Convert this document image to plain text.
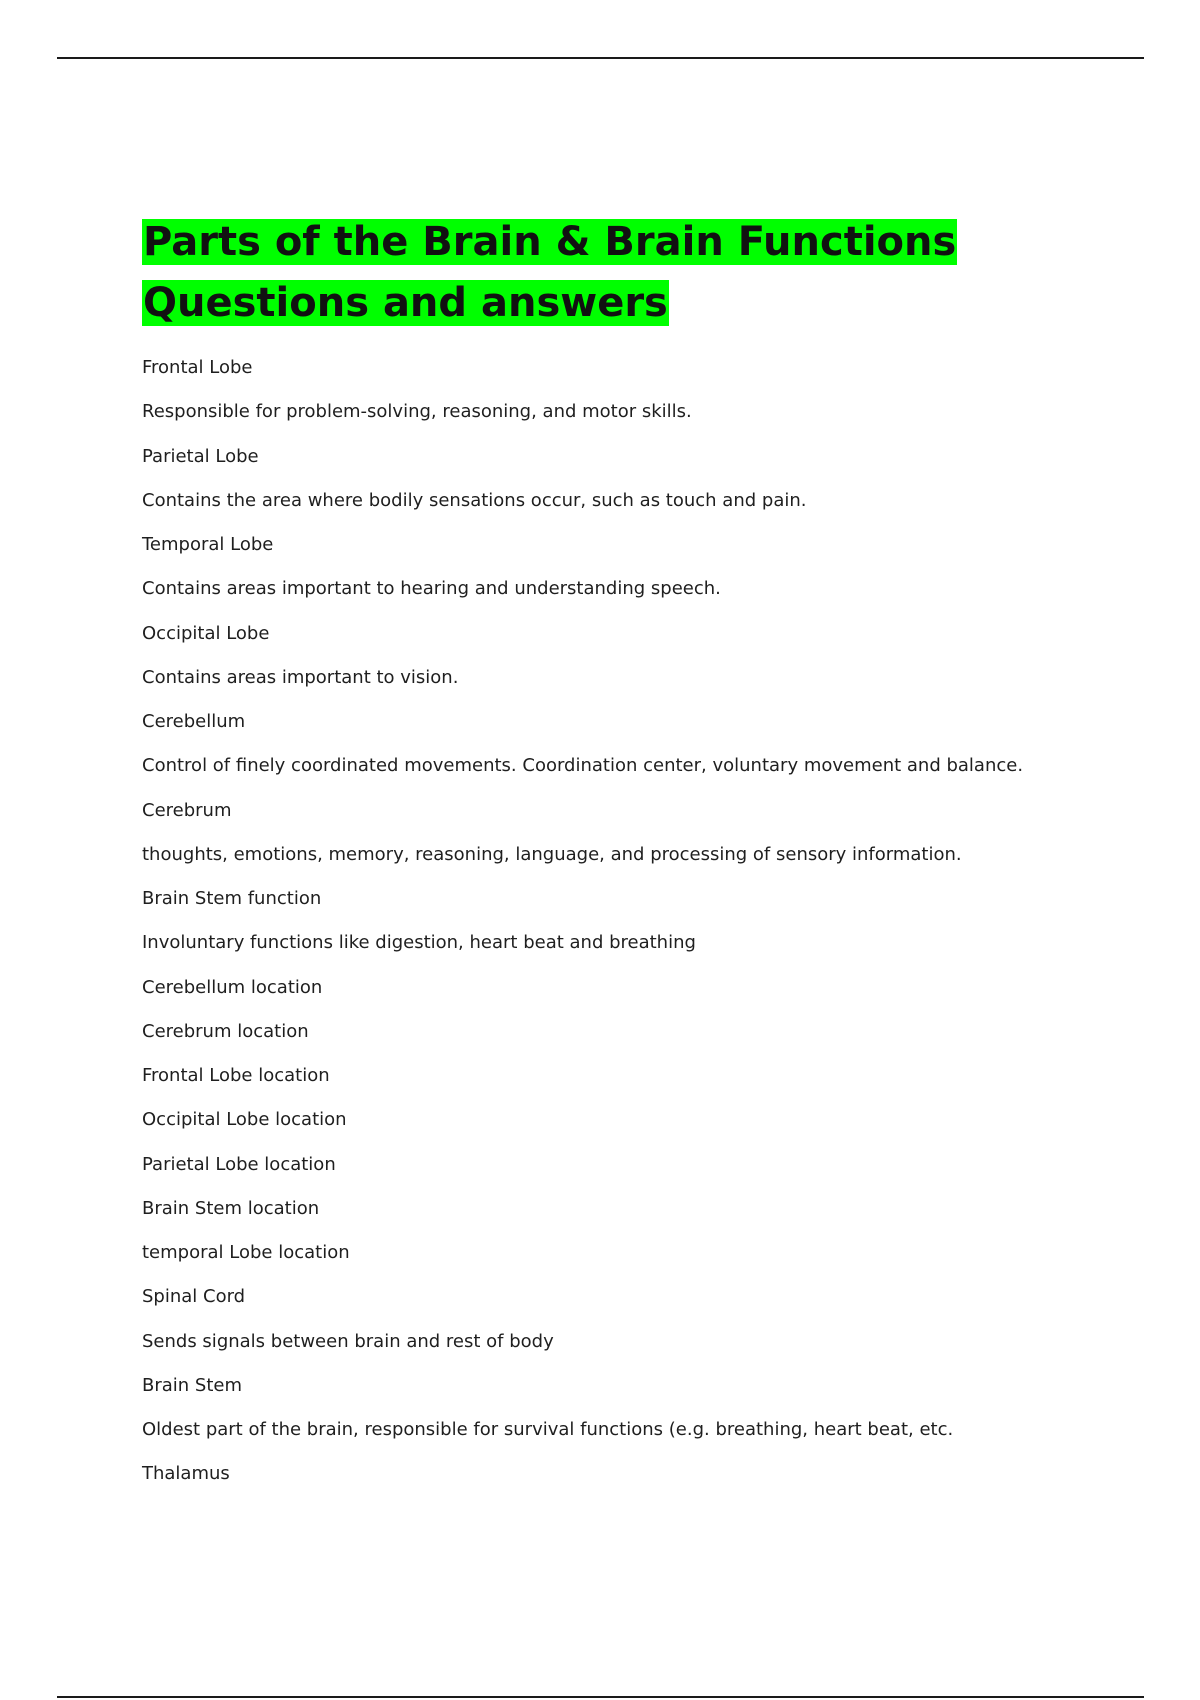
Parts of the Brain & Brain Functions Questions and answers
Frontal Lobe
Responsible for problem-solving, reasoning, and motor skills.
Parietal Lobe
Contains the area where bodily sensations occur, such as touch and pain.
Temporal Lobe
Contains areas important to hearing and understanding speech.
Occipital Lobe
Contains areas important to vision.
Cerebellum
Control of finely coordinated movements. Coordination center, voluntary movement and balance.
Cerebrum
thoughts, emotions, memory, reasoning, language, and processing of sensory information.
Brain Stem function
Involuntary functions like digestion, heart beat and breathing
Cerebellum location
Cerebrum location
Frontal Lobe location
Occipital Lobe location
Parietal Lobe location
Brain Stem location
temporal Lobe location
Spinal Cord
Sends signals between brain and rest of body
Brain Stem
Oldest part of the brain, responsible for survival functions (e.g. breathing, heart beat, etc.
Thalamus
